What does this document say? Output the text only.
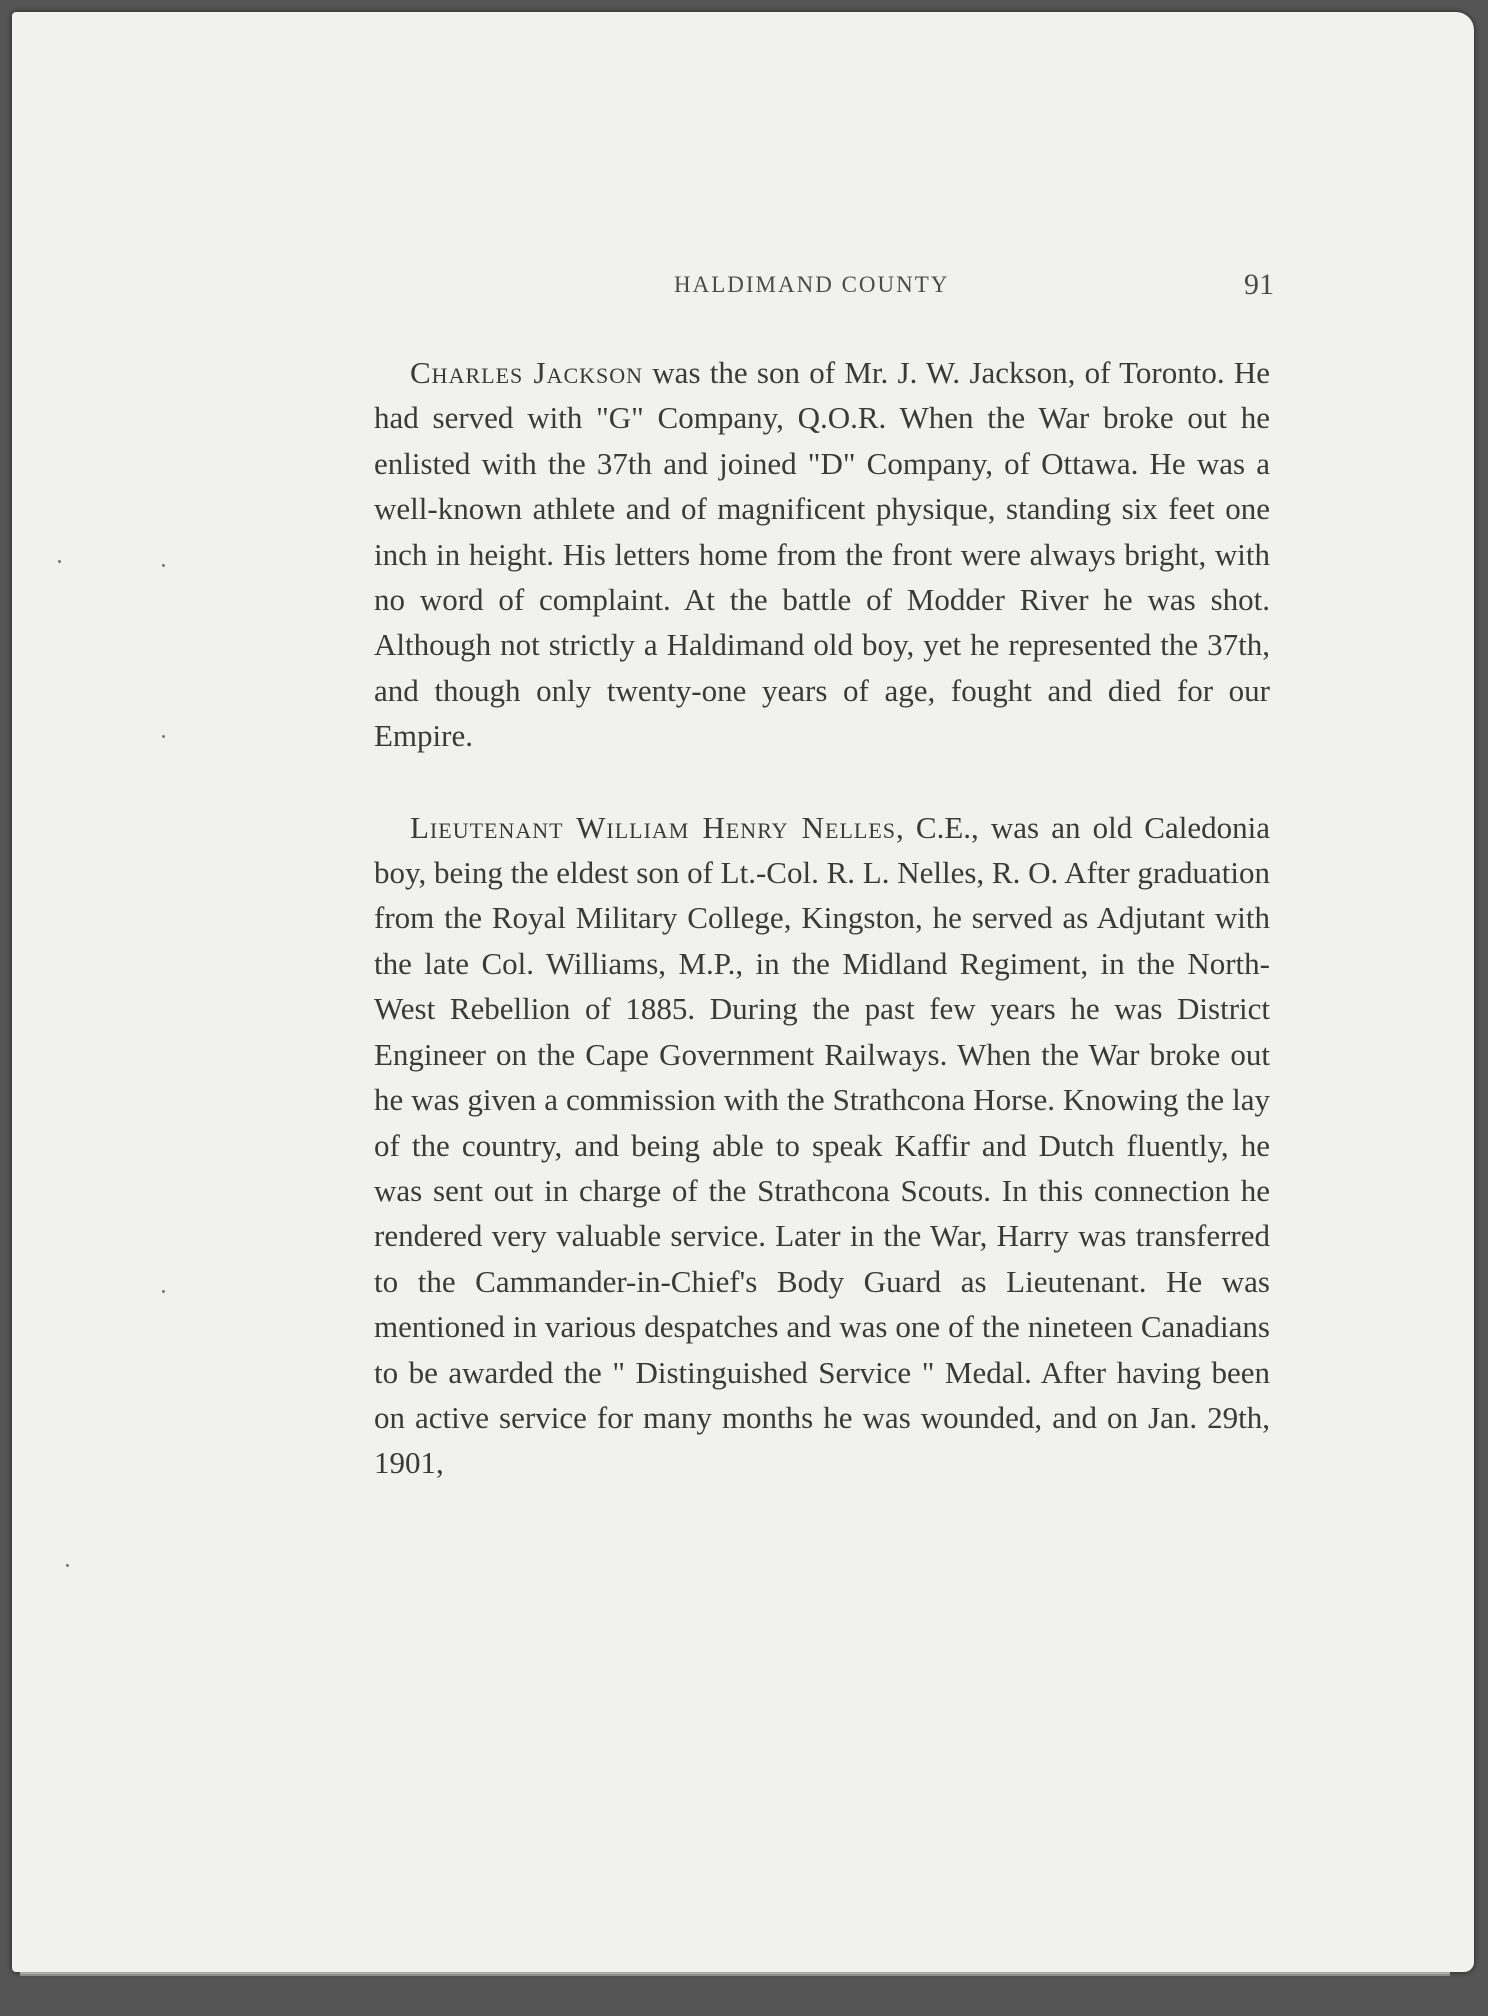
HALDIMAND COUNTY	91

Charles Jackson was the son of Mr. J. W. Jackson, of Toronto. He had served with "G" Company, Q.O.R. When the War broke out he enlisted with the 37th and joined "D" Company, of Ottawa. He was a well-known athlete and of magnificent physique, standing six feet one inch in height. His letters home from the front were always bright, with no word of complaint. At the battle of Modder River he was shot. Although not strictly a Haldimand old boy, yet he represented the 37th, and though only twenty-one years of age, fought and died for our Empire.

Lieutenant William Henry Nelles, C.E., was an old Caledonia boy, being the eldest son of Lt.-Col. R. L. Nelles, R. O. After graduation from the Royal Military College, Kingston, he served as Adjutant with the late Col. Williams, M.P., in the Midland Regiment, in the North-West Rebellion of 1885. During the past few years he was District Engineer on the Cape Government Railways. When the War broke out he was given a commission with the Strathcona Horse. Knowing the lay of the country, and being able to speak Kaffir and Dutch fluently, he was sent out in charge of the Strathcona Scouts. In this connection he rendered very valuable service. Later in the War, Harry was transferred to the Cammander-in-Chief's Body Guard as Lieutenant. He was mentioned in various despatches and was one of the nineteen Canadians to be awarded the " Distinguished Service " Medal. After having been on active service for many months he was wounded, and on Jan. 29th, 1901,
